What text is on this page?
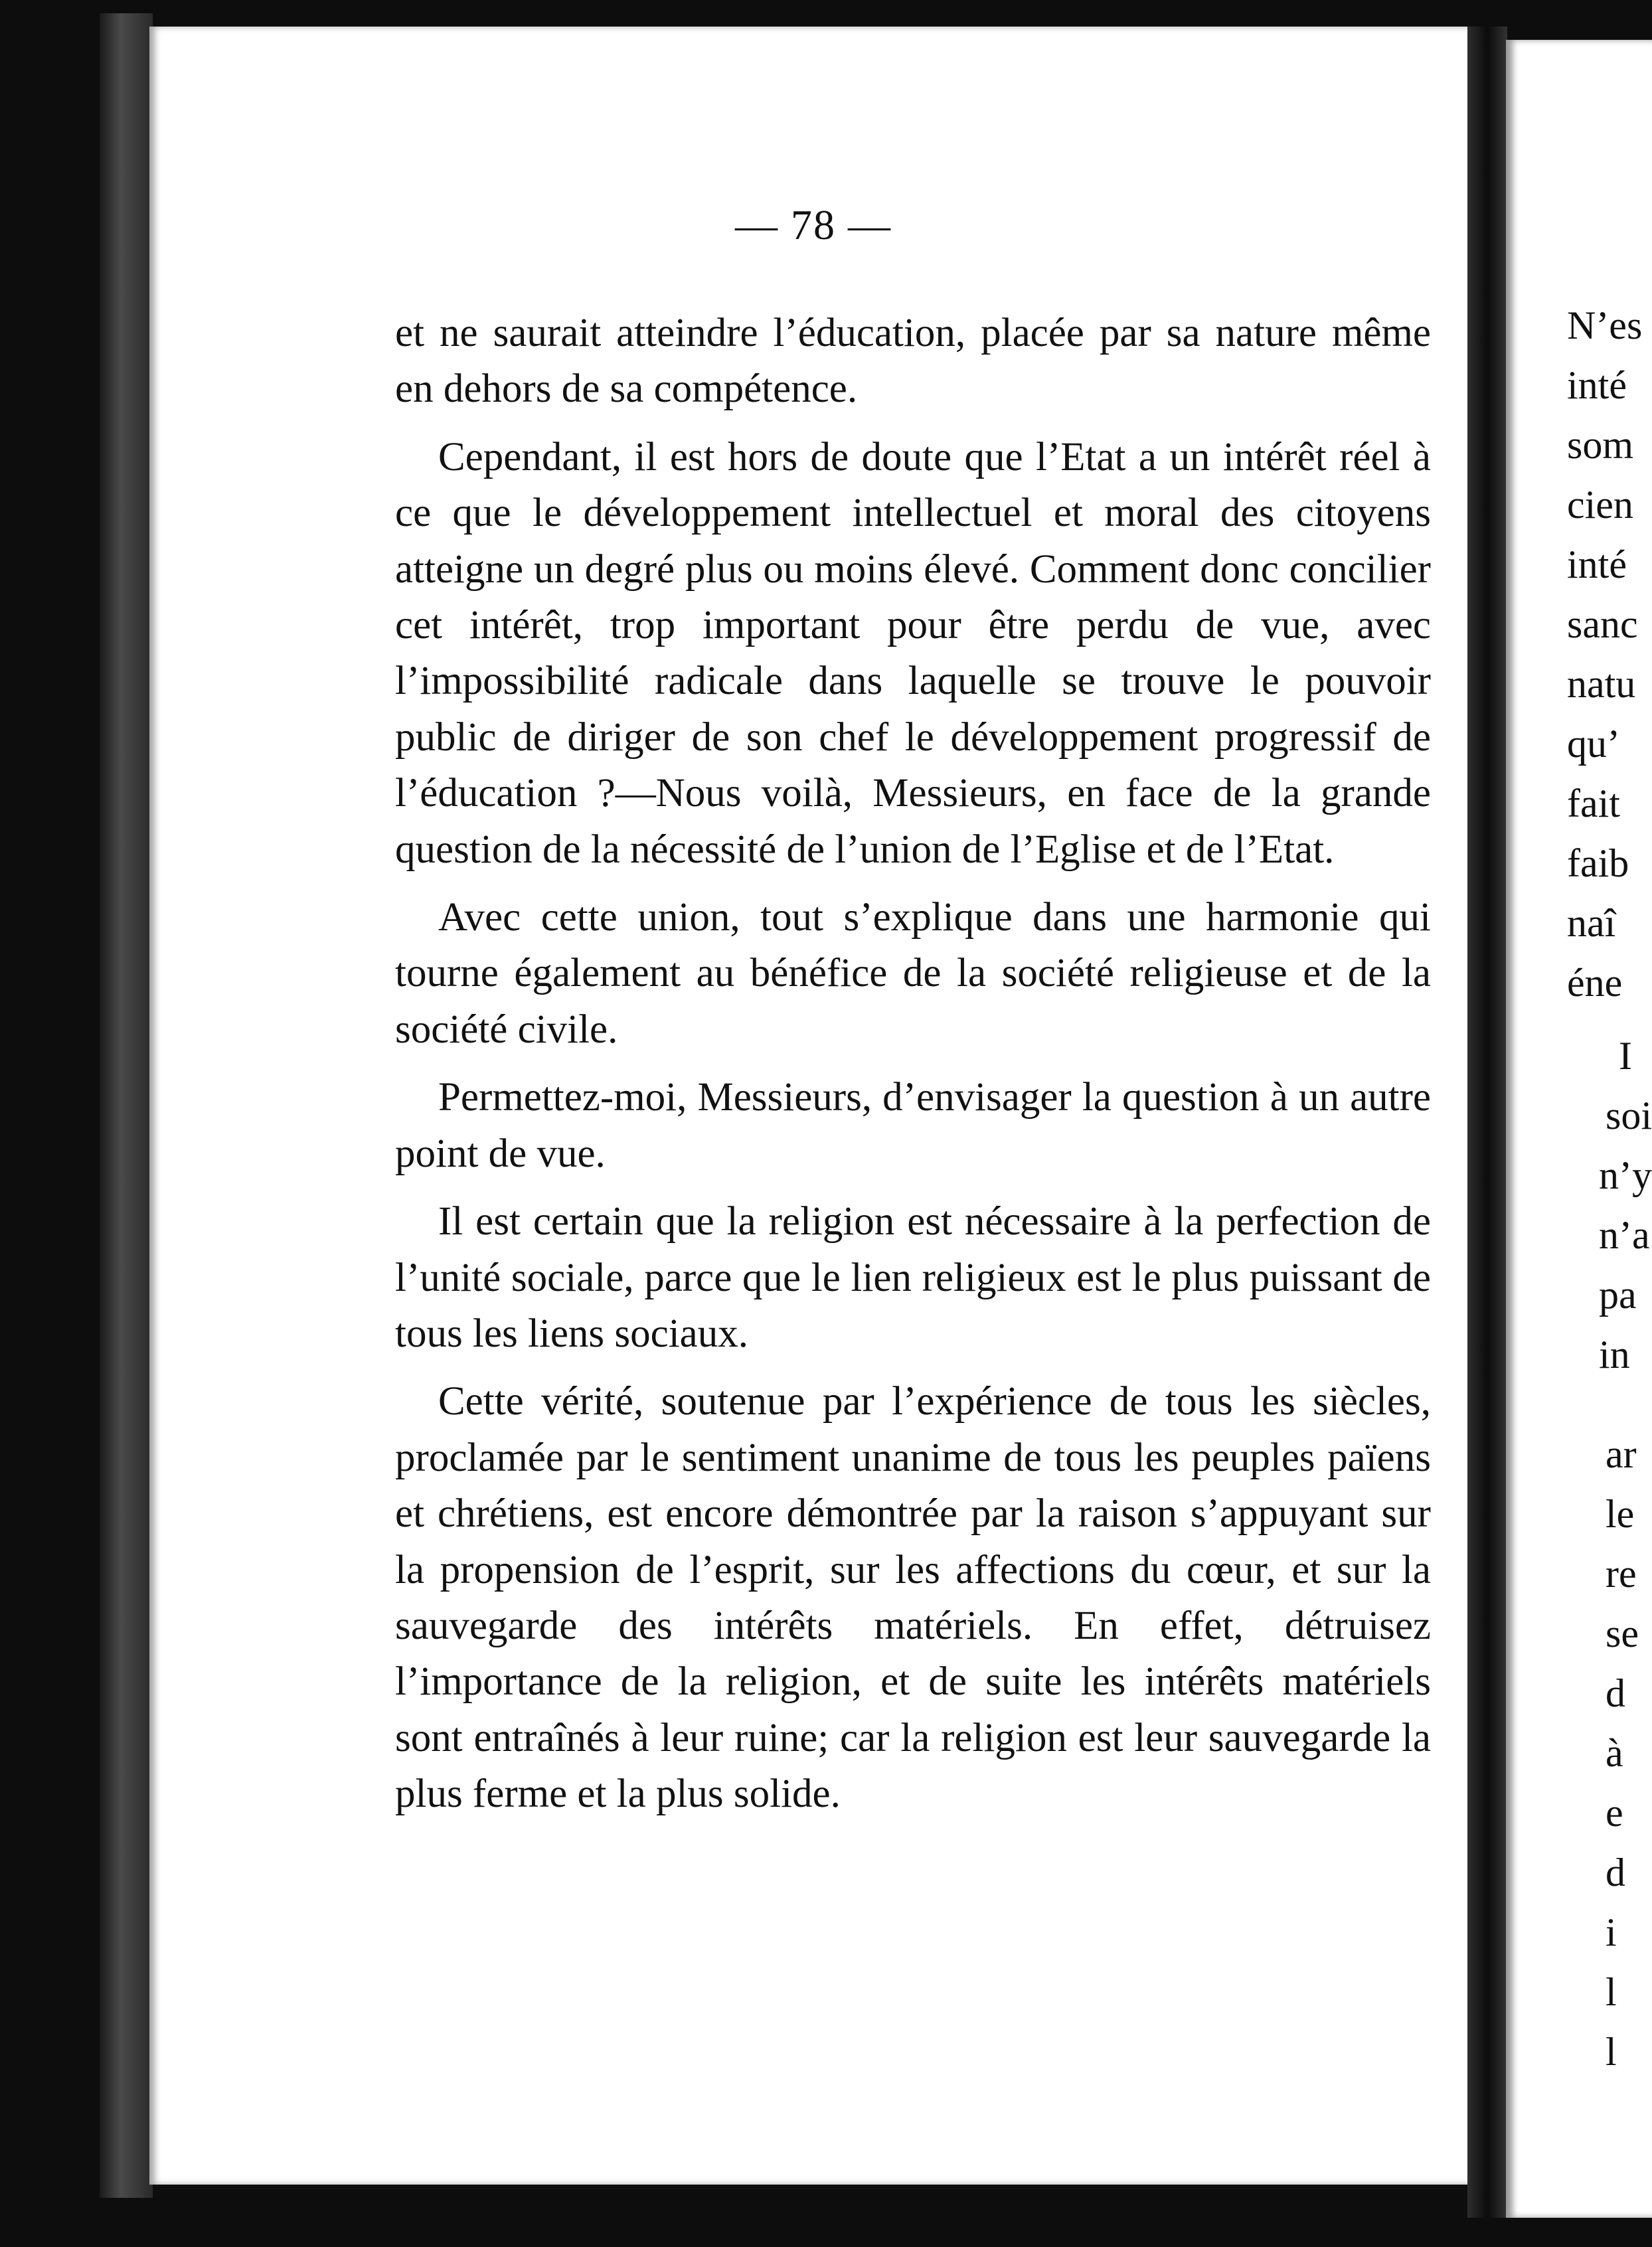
— 78 —

et ne saurait atteindre l’éducation, placée par sa nature même en dehors de sa compétence.

Cependant, il est hors de doute que l’Etat a un intérêt réel à ce que le développement intellectuel et moral des citoyens atteigne un degré plus ou moins élevé. Comment donc concilier cet intérêt, trop important pour être perdu de vue, avec l’impossibilité radicale dans laquelle se trouve le pouvoir public de diriger de son chef le développement progressif de l’éducation ?—Nous voilà, Messieurs, en face de la grande question de la nécessité de l’union de l’Eglise et de l’Etat.

Avec cette union, tout s’explique dans une harmonie qui tourne également au bénéfice de la société religieuse et de la société civile.

Permettez-moi, Messieurs, d’envisager la question à un autre point de vue.

Il est certain que la religion est nécessaire à la perfection de l’unité sociale, parce que le lien religieux est le plus puissant de tous les liens sociaux.

Cette vérité, soutenue par l’expérience de tous les siècles, proclamée par le sentiment unanime de tous les peuples païens et chrétiens, est encore démontrée par la raison s’appuyant sur la propension de l’esprit, sur les affections du cœur, et sur la sauvegarde des intérêts matériels. En effet, détruisez l’importance de la religion, et de suite les intérêts matériels sont entraînés à leur ruine; car la religion est leur sauvegarde la plus ferme et la plus solide.

N’es
inté
som
cien
inté
sanc
natu
qu’
fait
faib
naî
éne
I
soi
n’y
n’a
pa
in
ar
le
re
se
d
à
e
d
i
l
l
